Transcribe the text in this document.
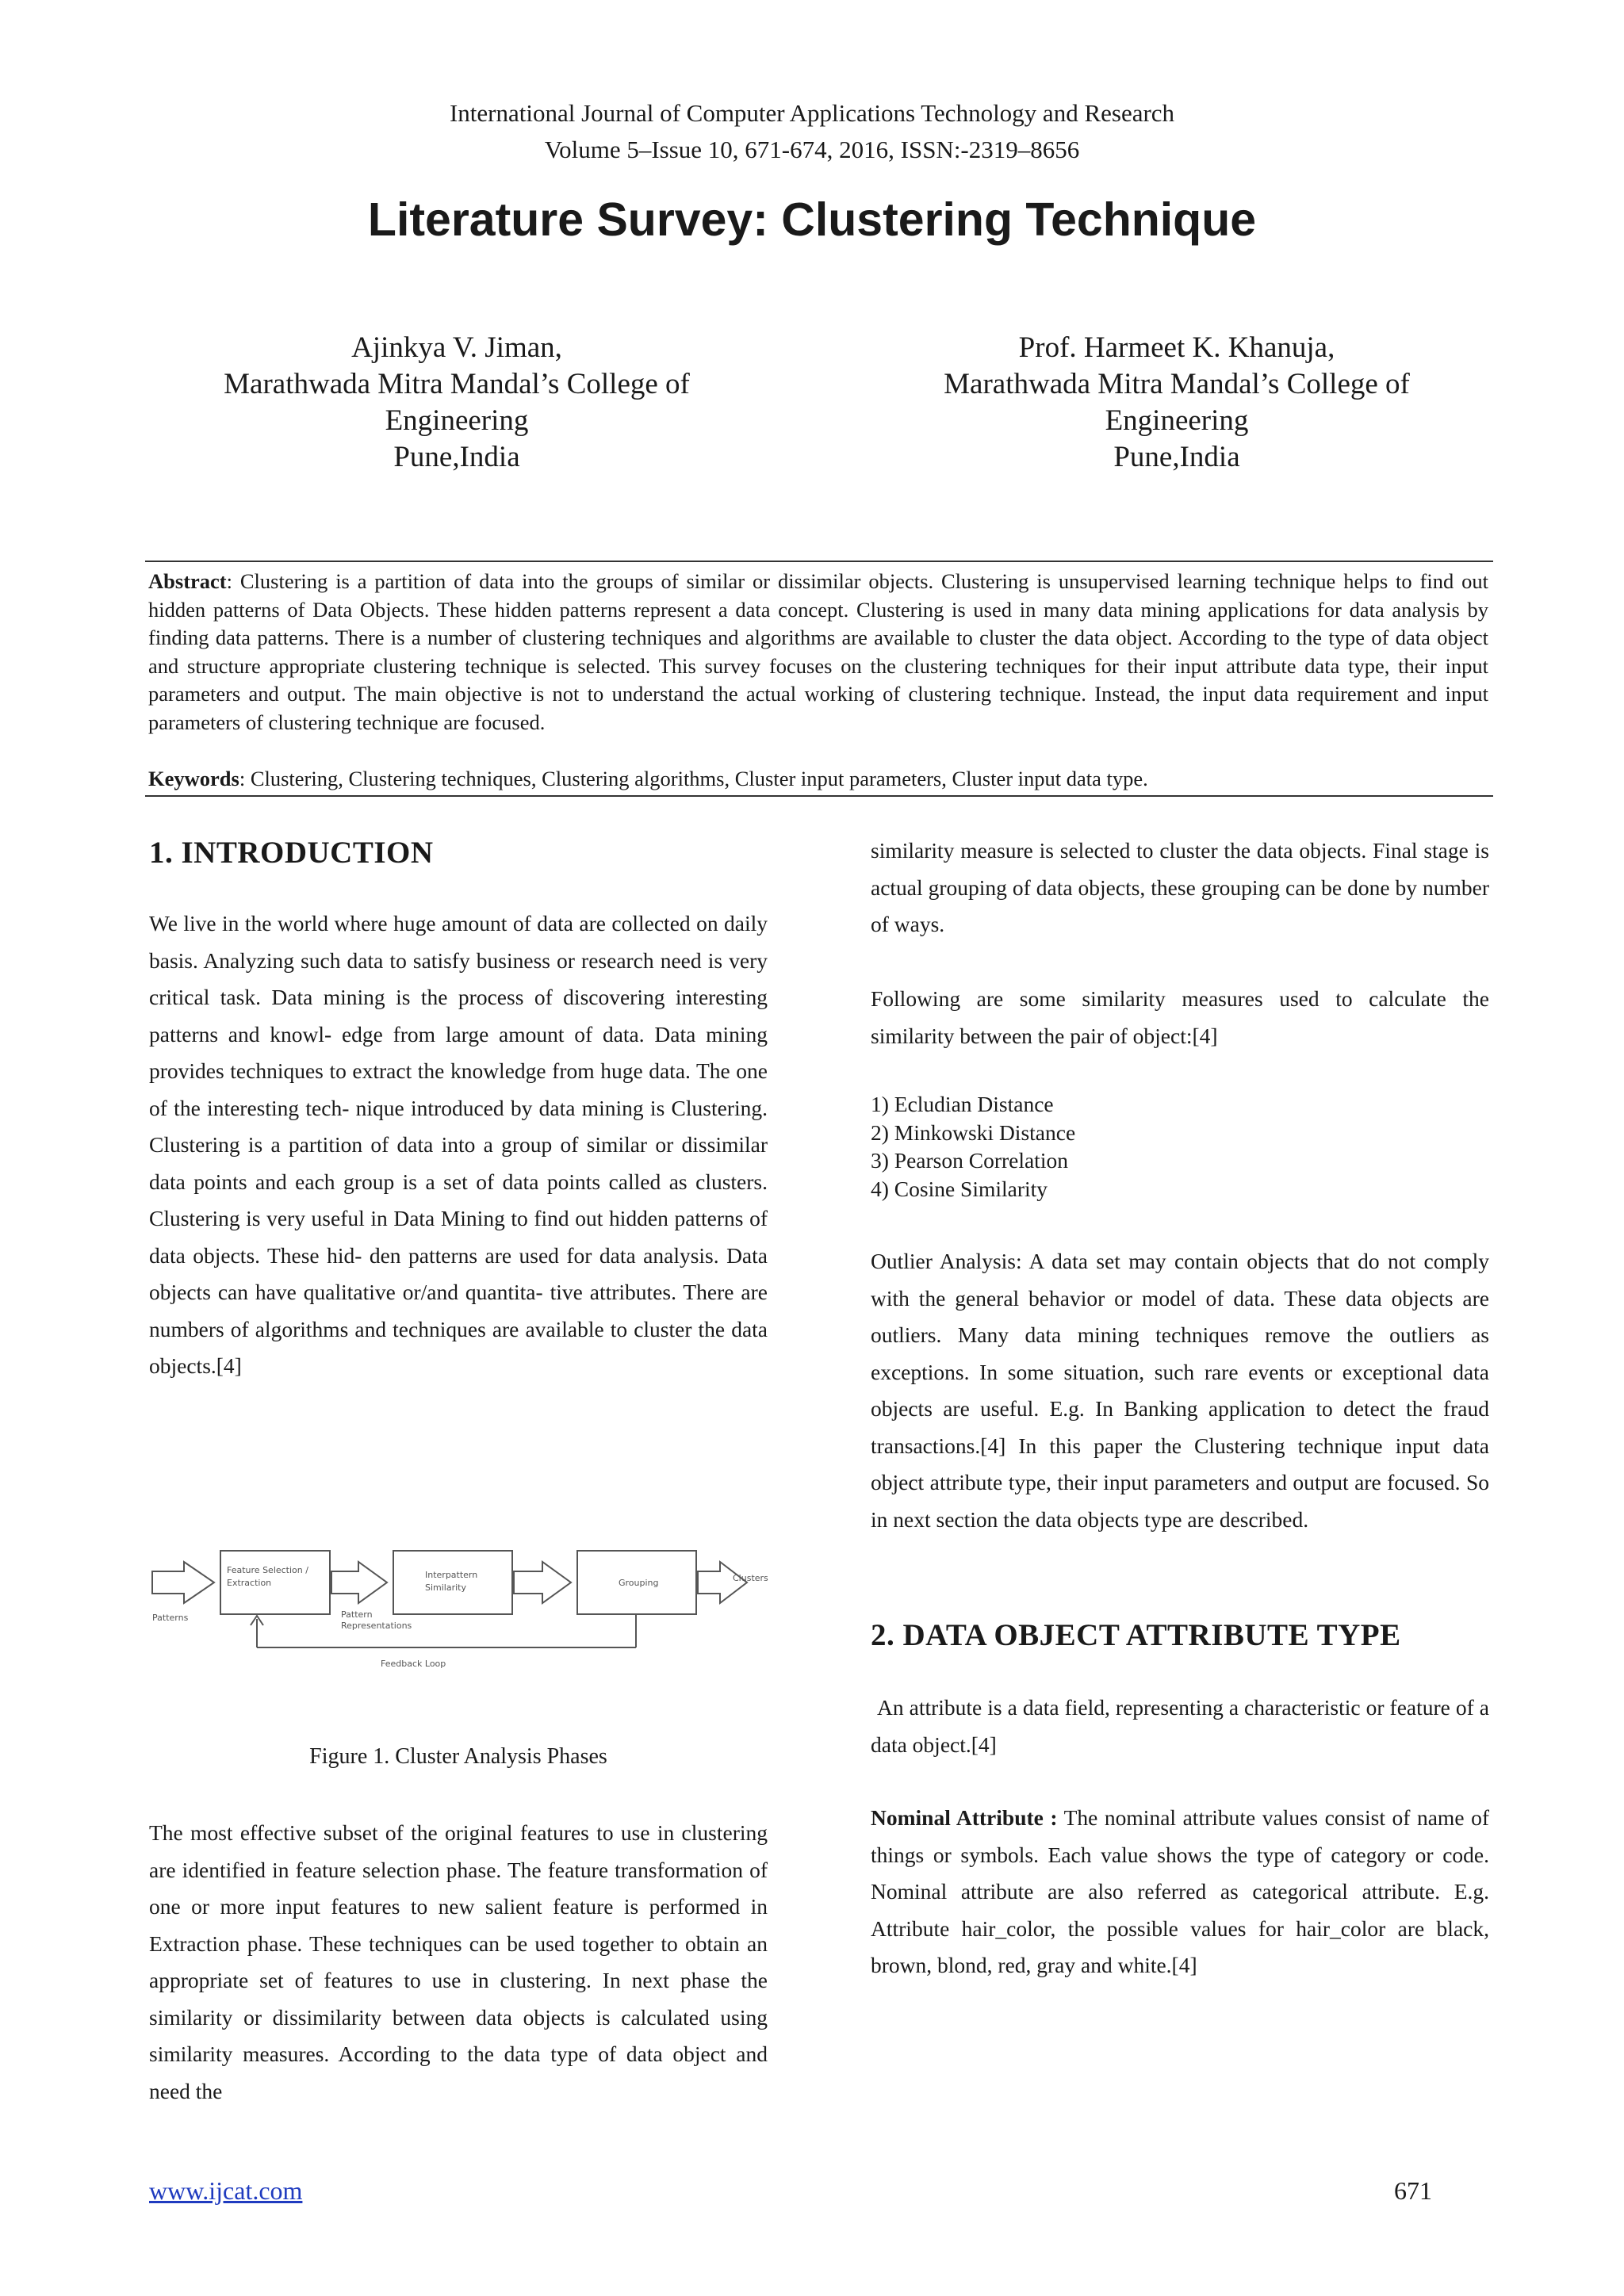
International Journal of Computer Applications Technology and Research
Volume 5–Issue 10, 671-674, 2016, ISSN:-2319–8656
Literature Survey: Clustering Technique
Ajinkya V. Jiman,
Marathwada Mitra Mandal’s College of
Engineering
Pune,India
Prof. Harmeet K. Khanuja,
Marathwada Mitra Mandal’s College of
Engineering
Pune,India
Abstract: Clustering is a partition of data into the groups of similar or dissimilar objects. Clustering is unsupervised learning technique helps to find out hidden patterns of Data Objects. These hidden patterns represent a data concept. Clustering is used in many data mining applications for data analysis by finding data patterns. There is a number of clustering techniques and algorithms are available to cluster the data object. According to the type of data object and structure appropriate clustering technique is selected. This survey focuses on the clustering techniques for their input attribute data type, their input parameters and output. The main objective is not to understand the actual working of clustering technique. Instead, the input data requirement and input parameters of clustering technique are focused.
Keywords: Clustering, Clustering techniques, Clustering algorithms, Cluster input parameters, Cluster input data type.
1. INTRODUCTION

We live in the world where huge amount of data are collected on daily basis. Analyzing such data to satisfy business or research need is very critical task. Data mining is the process of discovering interesting patterns and knowl- edge from large amount of data. Data mining provides techniques to extract the knowledge from huge data. The one of the interesting tech- nique introduced by data mining is Clustering. Clustering is a partition of data into a group of similar or dissimilar data points and each group is a set of data points called as clusters. Clustering is very useful in Data Mining to find out hidden patterns of data objects. These hid- den patterns are used for data analysis. Data objects can have qualitative or/and quantita- tive attributes. There are numbers of algorithms and techniques are available to cluster the data objects.[4]

Patterns
Feature Selection /
Extraction
Pattern
Representations
Interpattern
Similarity	Grouping	Clusters
Feedback Loop
Figure 1. Cluster Analysis Phases

The most effective subset of the original features to use in clustering are identified in feature selection phase. The feature transformation of one or more input features to new salient feature is performed in Extraction phase. These techniques can be used together to obtain an appropriate set of features to use in clustering. In next phase the similarity or dissimilarity between data objects is calculated using similarity measures. According to the data type of data object and need the

similarity measure is selected to cluster the data objects. Final stage is actual grouping of data objects, these grouping can be done by number of ways.

Following are some similarity measures used to calculate the similarity between the pair of object:[4]

1) Ecludian Distance
2) Minkowski Distance
3) Pearson Correlation
4) Cosine Similarity

Outlier Analysis: A data set may contain objects that do not comply with the general behavior or model of data. These data objects are outliers. Many data mining techniques remove the outliers as exceptions. In some situation, such rare events or exceptional data objects are useful. E.g. In Banking application to detect the fraud transactions.[4] In this paper the Clustering technique input data object attribute type, their input parameters and output are focused. So in next section the data objects type are described.

2. DATA OBJECT ATTRIBUTE TYPE

An attribute is a data field, representing a characteristic or feature of a data object.[4]

Nominal Attribute : The nominal attribute values consist of name of things or symbols. Each value shows the type of category or code. Nominal attribute are also referred as categorical attribute. E.g. Attribute hair_color, the possible values for hair_color are black, brown, blond, red, gray and white.[4]

www.ijcat.com	671
